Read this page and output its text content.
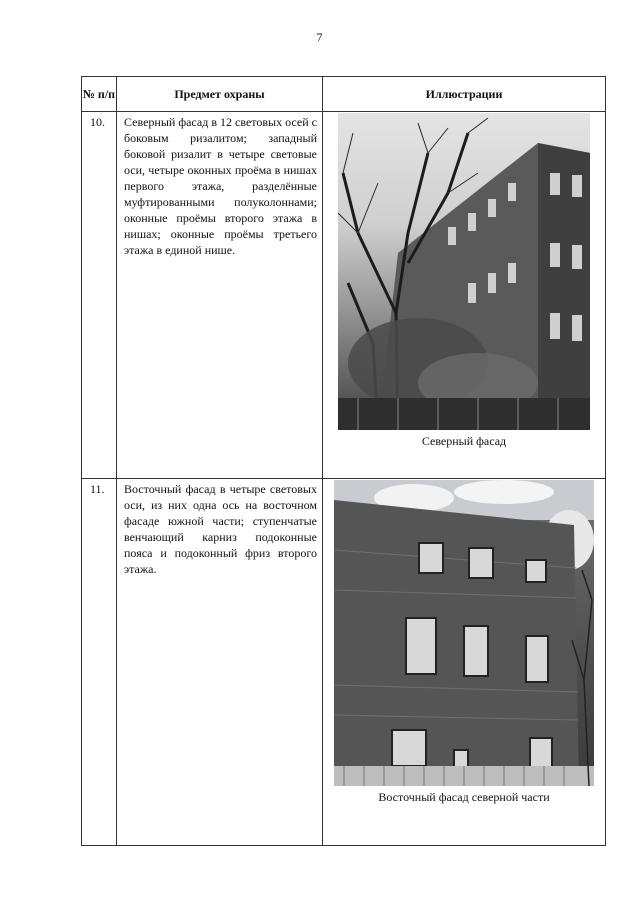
7
№ п/п	Предмет охраны	Иллюстрации
10.	Северный фасад в 12 световых осей с боковым ризалитом; западный боковой ризалит в четыре световые оси, четыре оконных проёма в нишах первого этажа, разделённые муфтированными полуколоннами; оконные проёмы второго этажа в нишах; оконные проёмы третьего этажа в единой нише.	Северный фасад

11.	Восточный фасад в четыре световых оси, из них одна ось на восточном фасаде южной части; ступенчатые венчающий карниз подоконные пояса и подоконный фриз второго этажа.	Восточный фасад северной части
